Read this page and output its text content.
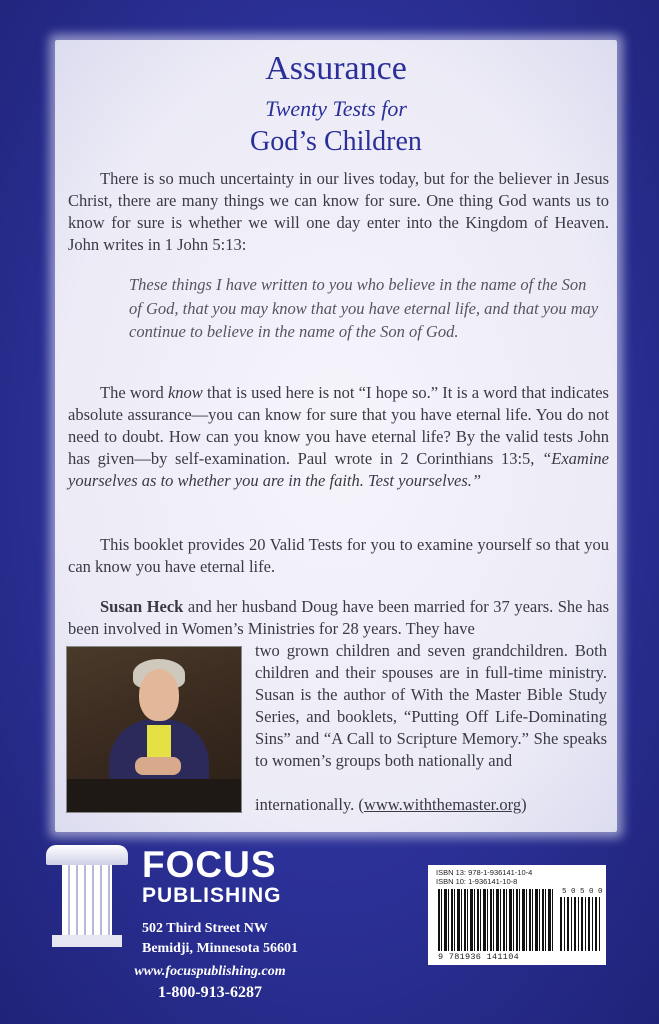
Assurance
Twenty Tests for
God’s Children
There is so much uncertainty in our lives today, but for the believer in Jesus Christ, there are many things we can know for sure. One thing God wants us to know for sure is whether we will one day enter into the Kingdom of Heaven. John writes in 1 John 5:13:
These things I have written to you who believe in the name of the Son of God, that you may know that you have eternal life, and that you may continue to believe in the name of the Son of God.
The word know that is used here is not “I hope so.” It is a word that indicates absolute assurance—you can know for sure that you have eternal life. You do not need to doubt. How can you know you have eternal life? By the valid tests John has given—by self-examination. Paul wrote in 2 Corinthians 13:5, “Examine yourselves as to whether you are in the faith. Test yourselves.”
This booklet provides 20 Valid Tests for you to examine yourself so that you can know you have eternal life.
Susan Heck and her husband Doug have been married for 37 years. She has been involved in Women’s Ministries for 28 years. They have
two grown children and seven grandchildren. Both children and their spouses are in full-time ministry. Susan is the author of With the Master Bible Study Series, and booklets, “Putting Off Life-Dominating Sins” and “A Call to Scripture Memory.” She speaks to women’s groups both nationally and
internationally. (www.withthemaster.org)
FOCUS
PUBLISHING
502 Third Street NW
Bemidji, Minnesota 56601
www.focuspublishing.com
1-800-913-6287
ISBN 13: 978-1-936141-10-4
ISBN 10: 1-936141-10-8
5 0 5 0 0
9 781936 141104
